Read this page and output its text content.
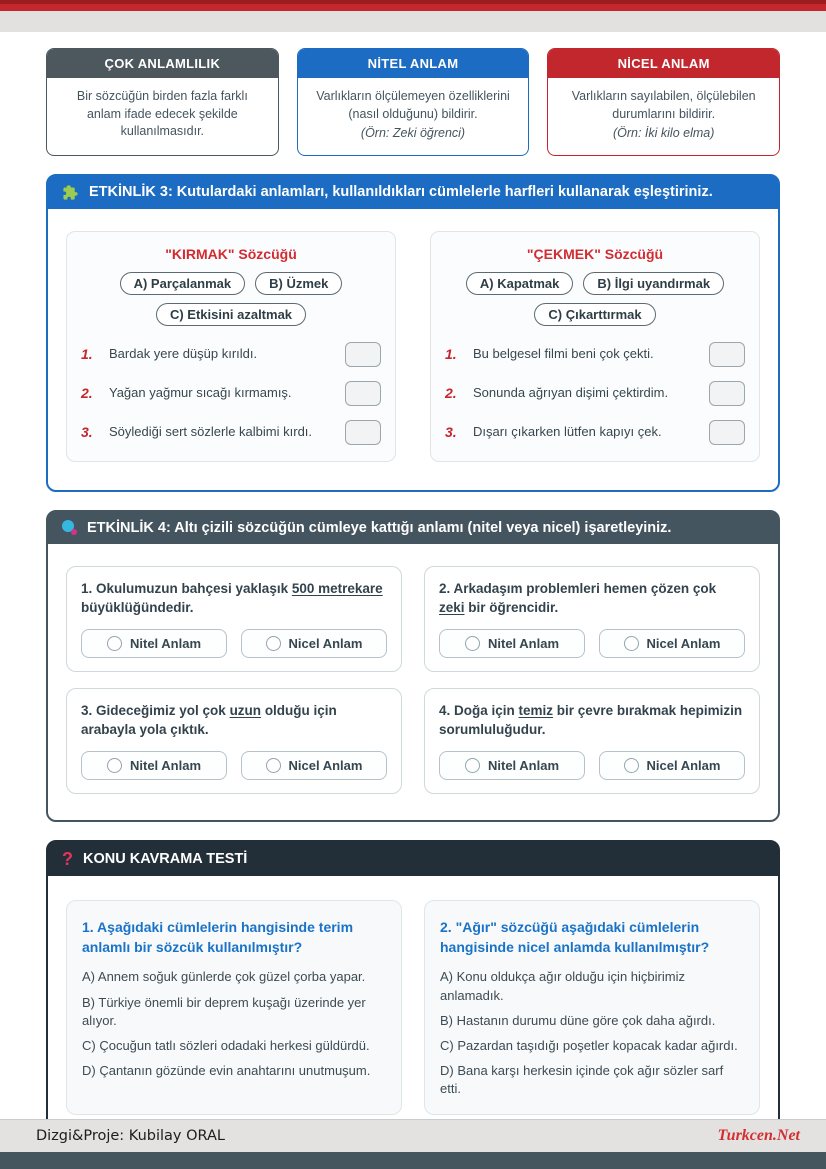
ÇOK ANLAMLILIK
Bir sözcüğün birden fazla farklı anlam ifade edecek şekilde kullanılmasıdır.
NİTEL ANLAM
Varlıkların ölçülemeyen özelliklerini (nasıl olduğunu) bildirir.
(Örn: Zeki öğrenci)
NİCEL ANLAM
Varlıkların sayılabilen, ölçülebilen durumlarını bildirir.
(Örn: İki kilo elma)
ETKİNLİK 3: Kutulardaki anlamları, kullanıldıkları cümlelerle harfleri kullanarak eşleştiriniz.
"KIRMAK" Sözcüğü
A) Parçalanmak	B) Üzmek
C) Etkisini azaltmak
1.	Bardak yere düşüp kırıldı.
2.	Yağan yağmur sıcağı kırmamış.
3.	Söylediği sert sözlerle kalbimi kırdı.
"ÇEKMEK" Sözcüğü
A) Kapatmak	B) İlgi uyandırmak
C) Çıkarttırmak
1.	Bu belgesel filmi beni çok çekti.
2.	Sonunda ağrıyan dişimi çektirdim.
3.	Dışarı çıkarken lütfen kapıyı çek.
ETKİNLİK 4: Altı çizili sözcüğün cümleye kattığı anlamı (nitel veya nicel) işaretleyiniz.
1. Okulumuzun bahçesi yaklaşık 500 metrekare büyüklüğündedir.
Nitel Anlam	Nicel Anlam
2. Arkadaşım problemleri hemen çözen çok zeki bir öğrencidir.
Nitel Anlam	Nicel Anlam
3. Gideceğimiz yol çok uzun olduğu için arabayla yola çıktık.
Nitel Anlam	Nicel Anlam
4. Doğa için temiz bir çevre bırakmak hepimizin sorumluluğudur.
Nitel Anlam	Nicel Anlam
? KONU KAVRAMA TESTİ
1. Aşağıdaki cümlelerin hangisinde terim anlamlı bir sözcük kullanılmıştır?
A) Annem soğuk günlerde çok güzel çorba yapar.
B) Türkiye önemli bir deprem kuşağı üzerinde yer alıyor.
C) Çocuğun tatlı sözleri odadaki herkesi güldürdü.
D) Çantanın gözünde evin anahtarını unutmuşum.
2. "Ağır" sözcüğü aşağıdaki cümlelerin hangisinde nicel anlamda kullanılmıştır?
A) Konu oldukça ağır olduğu için hiçbirimiz anlamadık.
B) Hastanın durumu düne göre çok daha ağırdı.
C) Pazardan taşıdığı poşetler kopacak kadar ağırdı.
D) Bana karşı herkesin içinde çok ağır sözler sarf etti.
Dizgi&Proje: Kubilay ORAL	Turkcen.Net
